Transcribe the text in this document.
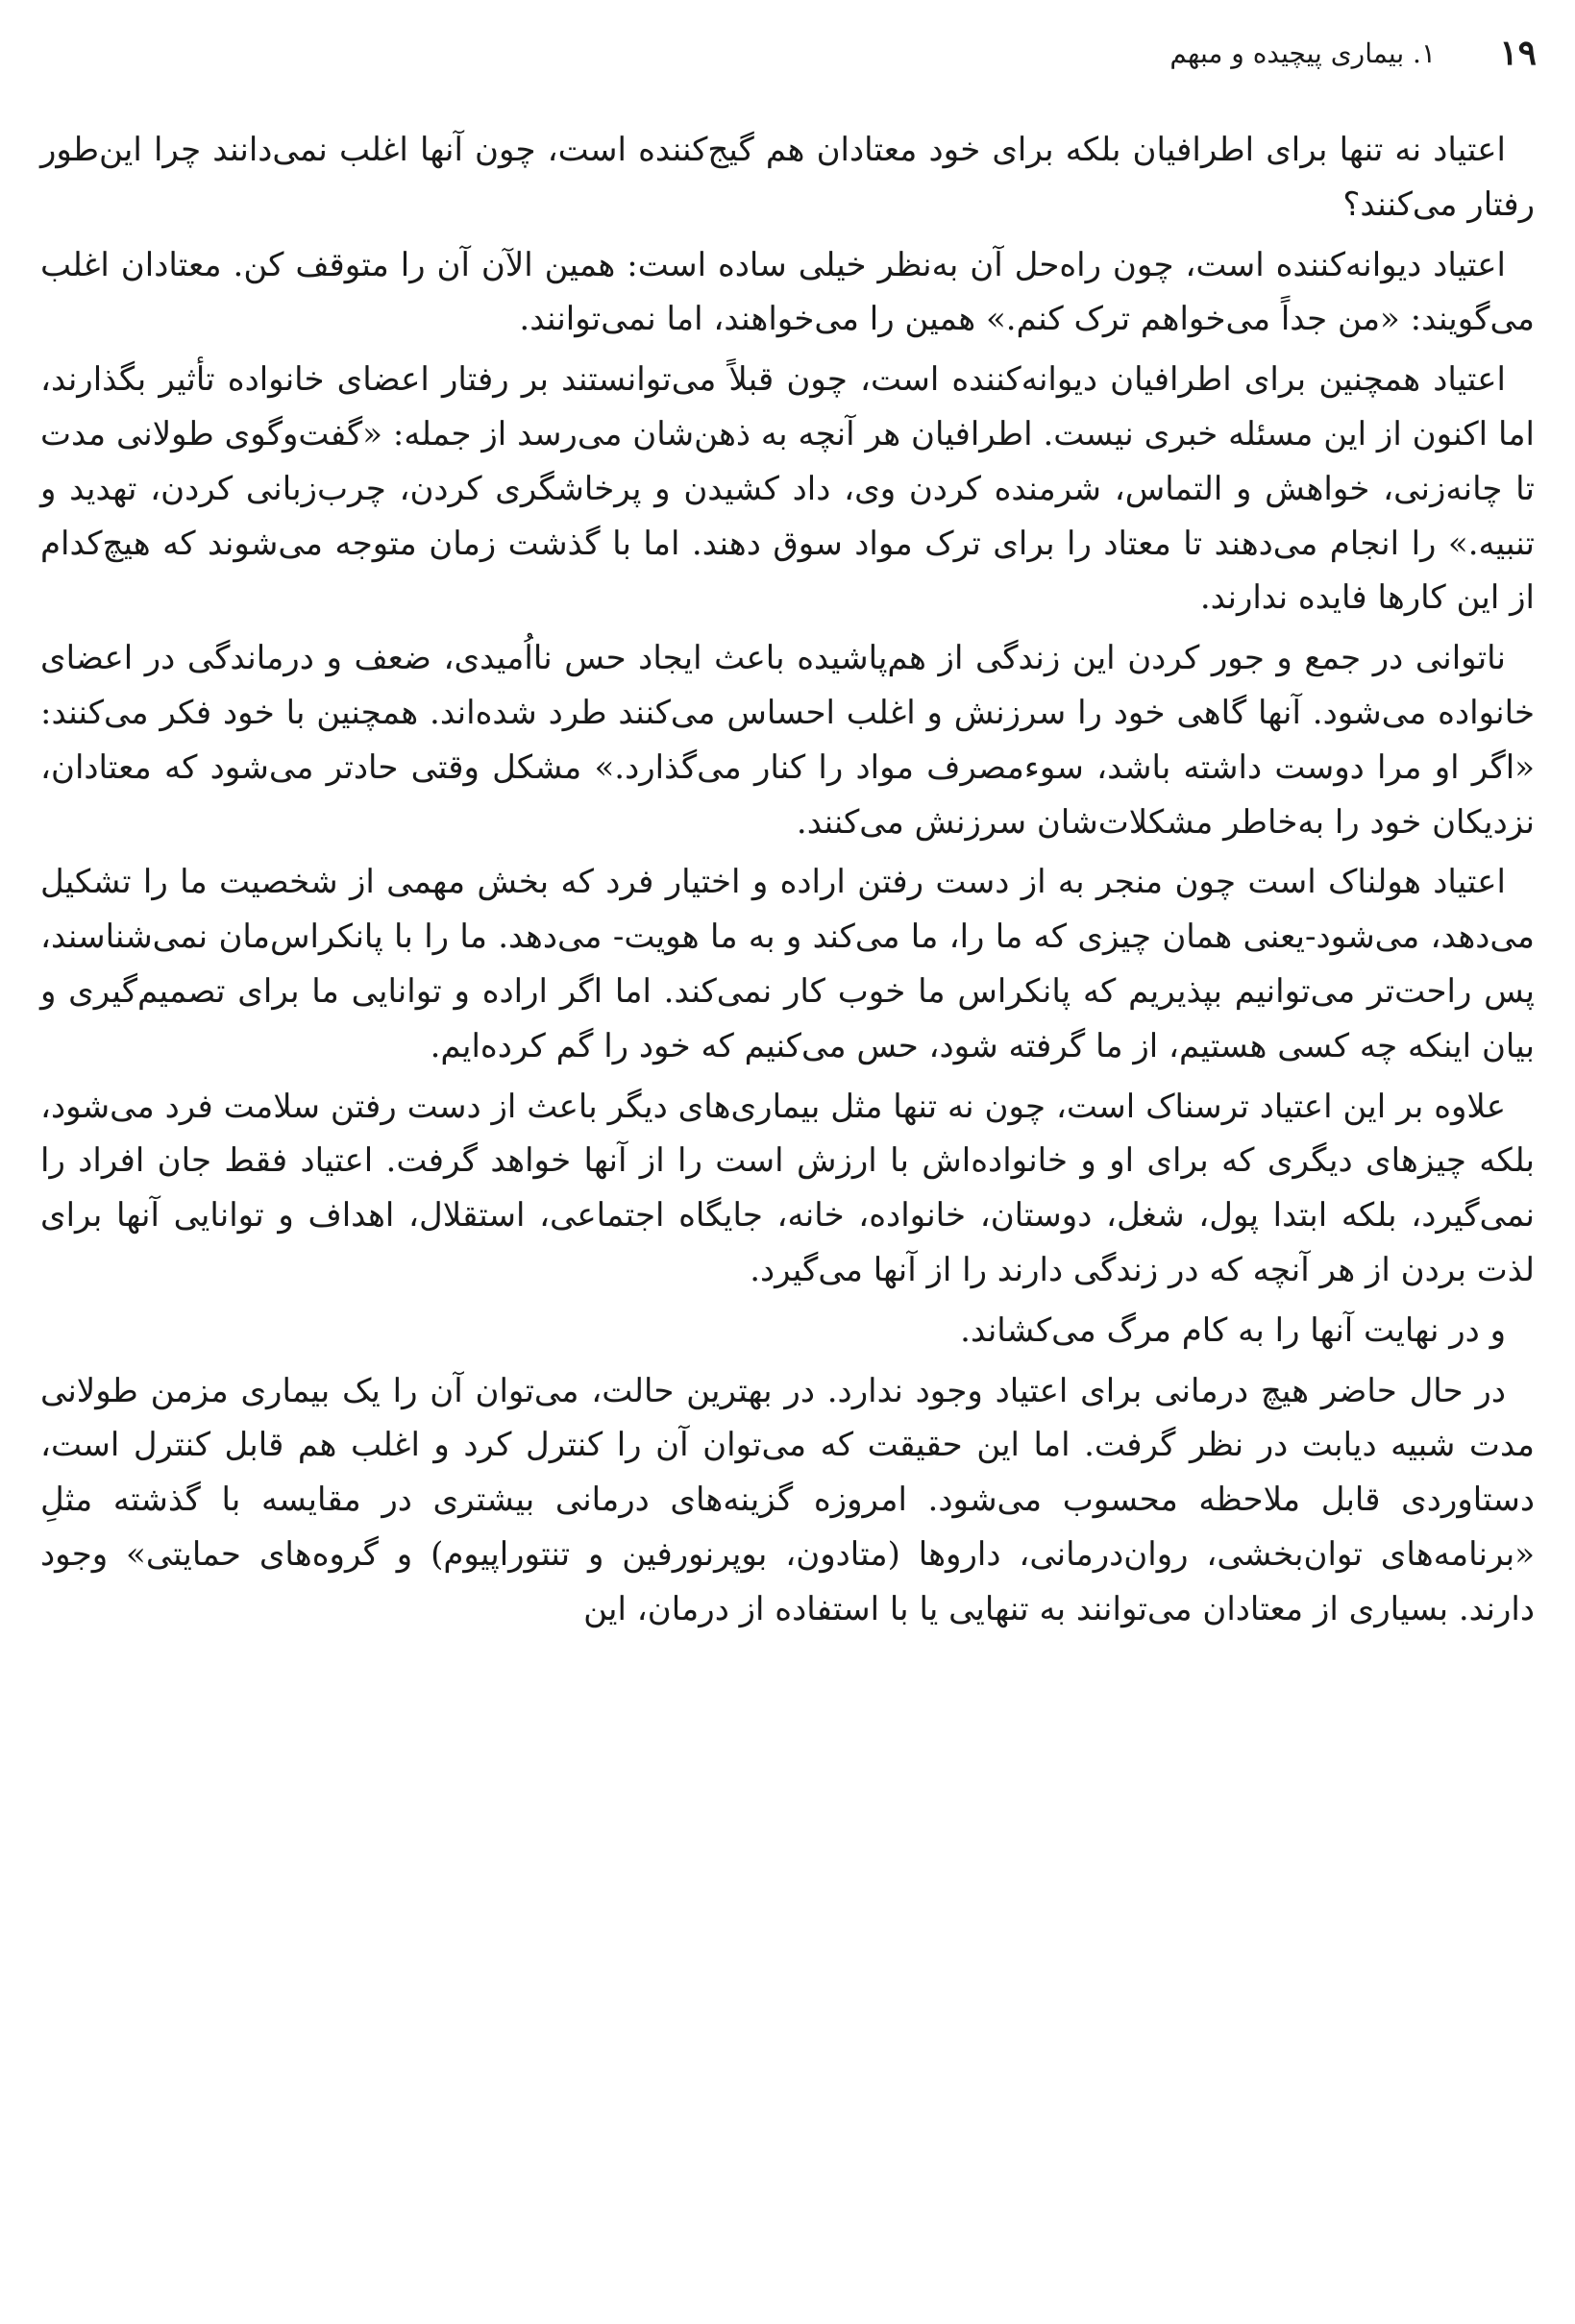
۱۹
۱. بیماری پیچیده و مبهم

اعتیاد نه تنها برای اطرافیان بلکه برای خود معتادان هم گیج‌کننده است، چون آنها اغلب نمی‌دانند چرا این‌طور رفتار می‌کنند؟

اعتیاد دیوانه‌کننده است، چون راه‌حل آن به‌نظر خیلی ساده است: همین الآن آن را متوقف کن. معتادان اغلب می‌گویند: «من جداً می‌خواهم ترک کنم.» همین را می‌خواهند، اما نمی‌توانند.

اعتیاد همچنین برای اطرافیان دیوانه‌کننده است، چون قبلاً می‌توانستند بر رفتار اعضای خانواده تأثیر بگذارند، اما اکنون از این مسئله خبری نیست. اطرافیان هر آنچه به ذهن‌شان می‌رسد از جمله: «گفت‌وگوی طولانی مدت تا چانه‌زنی، خواهش و التماس، شرمنده کردن وی، داد کشیدن و پرخاشگری کردن، چرب‌زبانی کردن، تهدید و تنبیه.» را انجام می‌دهند تا معتاد را برای ترک مواد سوق دهند. اما با گذشت زمان متوجه می‌شوند که هیچ‌کدام از این کارها فایده ندارند.

ناتوانی در جمع و جور کردن این زندگی از هم‌پاشیده باعث ایجاد حس نااُمیدی، ضعف و درماندگی در اعضای خانواده می‌شود. آنها گاهی خود را سرزنش و اغلب احساس می‌کنند طرد شده‌اند. همچنین با خود فکر می‌کنند: «اگر او مرا دوست داشته باشد، سوءمصرف مواد را کنار می‌گذارد.» مشکل وقتی حادتر می‌شود که معتادان، نزدیکان خود را به‌خاطر مشکلات‌شان سرزنش می‌کنند.

اعتیاد هولناک است چون منجر به از دست رفتن اراده و اختیار فرد که بخش مهمی از شخصیت ما را تشکیل می‌دهد، می‌شود-یعنی همان چیزی که ما را، ما می‌کند و به ما هویت- می‌دهد. ما را با پانکراس‌مان نمی‌شناسند، پس راحت‌تر می‌توانیم بپذیریم که پانکراس ما خوب کار نمی‌کند. اما اگر اراده و توانایی ما برای تصمیم‌گیری و بیان اینکه چه کسی هستیم، از ما گرفته شود، حس می‌کنیم که خود را گم کرده‌ایم.

علاوه بر این اعتیاد ترسناک است، چون نه تنها مثل بیماری‌های دیگر باعث از دست رفتن سلامت فرد می‌شود، بلکه چیزهای دیگری که برای او و خانواده‌اش با ارزش است را از آنها خواهد گرفت. اعتیاد فقط جان افراد را نمی‌گیرد، بلکه ابتدا پول، شغل، دوستان، خانواده، خانه، جایگاه اجتماعی، استقلال، اهداف و توانایی آنها برای لذت بردن از هر آنچه که در زندگی دارند را از آنها می‌گیرد.

و در نهایت آنها را به کام مرگ می‌کشاند.

در حال حاضر هیچ درمانی برای اعتیاد وجود ندارد. در بهترین حالت، می‌توان آن را یک بیماری مزمن طولانی مدت شبیه دیابت در نظر گرفت. اما این حقیقت که می‌توان آن را کنترل کرد و اغلب هم قابل کنترل است، دستاوردی قابل ملاحظه محسوب می‌شود. امروزه گزینه‌های درمانی بیشتری در مقایسه با گذشته مثلِ «برنامه‌های توان‌بخشی، روان‌درمانی، داروها (متادون، بوپرنورفین و تنتوراپیوم) و گروه‌های حمایتی» وجود دارند. بسیاری از معتادان می‌توانند به تنهایی یا با استفاده از درمان، این
